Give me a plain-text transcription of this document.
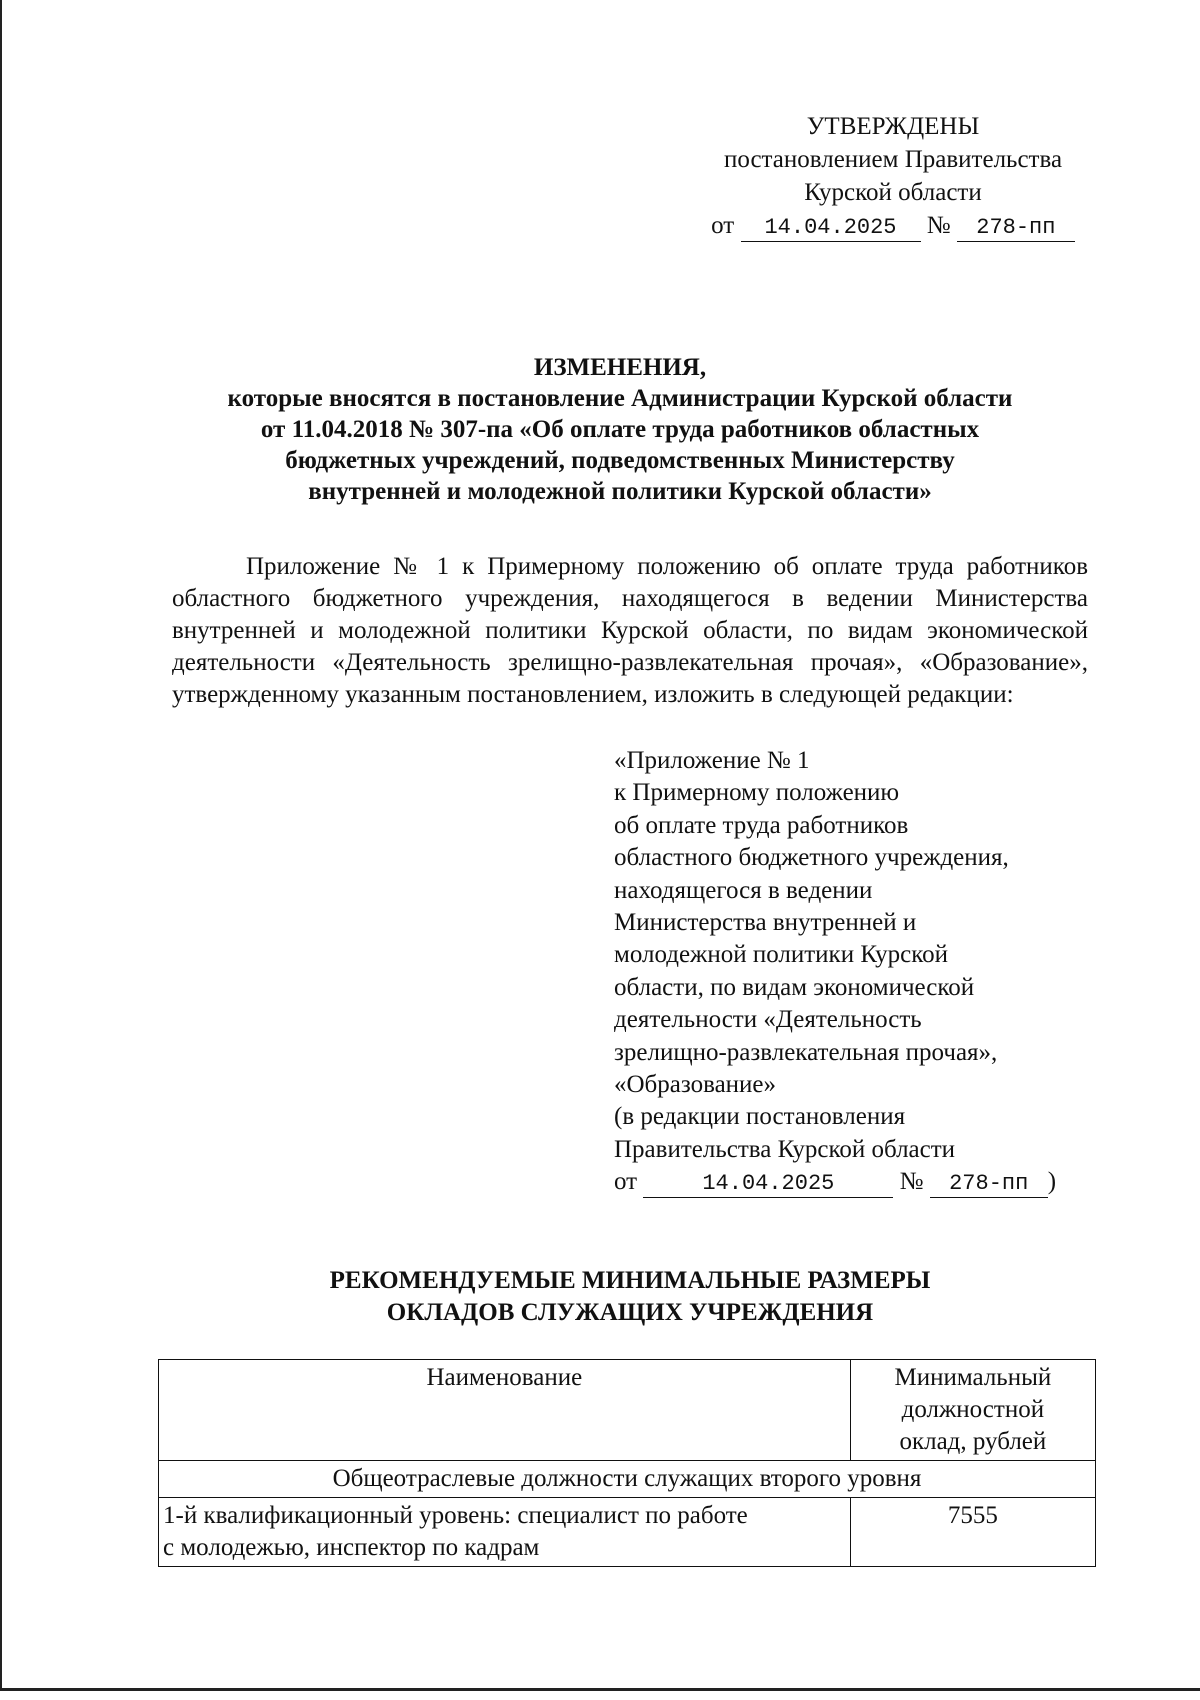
УТВЕРЖДЕНЫ
постановлением Правительства
Курской области
от 14.04.2025 № 278-пп
ИЗМЕНЕНИЯ,
которые вносятся в постановление Администрации Курской области
от 11.04.2018 № 307-па «Об оплате труда работников областных
бюджетных учреждений, подведомственных Министерству
внутренней и молодежной политики Курской области»
Приложение № 1 к Примерному положению об оплате труда работников областного бюджетного учреждения, находящегося в ведении Министерства внутренней и молодежной политики Курской области, по видам экономической деятельности «Деятельность зрелищно-развлекательная прочая», «Образование», утвержденному указанным постановлением, изложить в следующей редакции:
«Приложение № 1
к Примерному положению
об оплате труда работников
областного бюджетного учреждения,
находящегося в ведении
Министерства внутренней и
молодежной политики Курской
области, по видам экономической
деятельности «Деятельность
зрелищно-развлекательная прочая»,
«Образование»
(в редакции постановления
Правительства Курской области
от	14.04.2025	№ 278-пп )
РЕКОМЕНДУЕМЫЕ МИНИМАЛЬНЫЕ РАЗМЕРЫ
ОКЛАДОВ СЛУЖАЩИХ УЧРЕЖДЕНИЯ
Наименование	Минимальный
должностной
оклад, рублей

Общеотраслевые должности служащих второго уровня	

1-й квалификационный уровень: специалист по работе
с молодежью, инспектор по кадрам	7555
